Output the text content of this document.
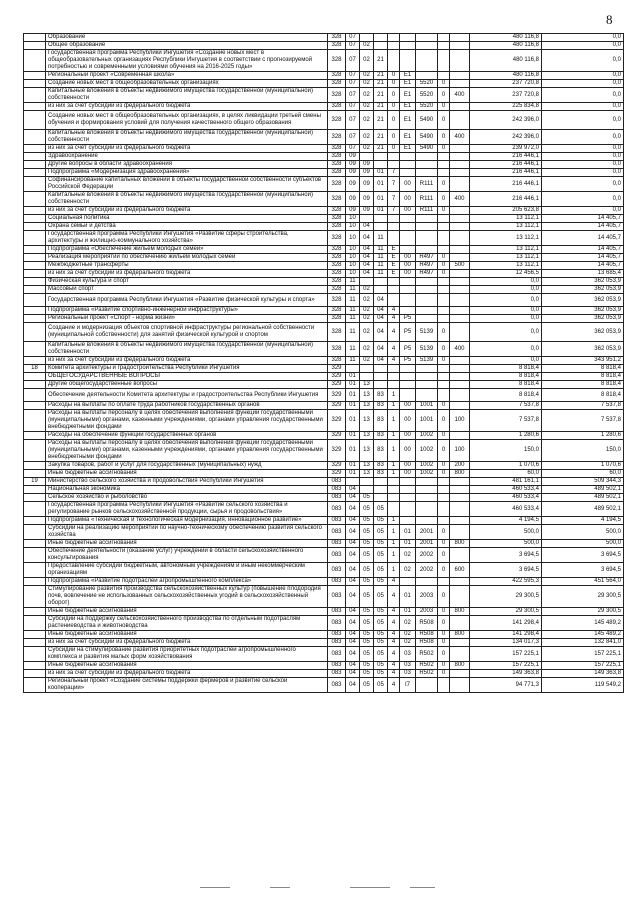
8
	Образование	328	07								480 116,8	0,0
	Общее образование	328	07	02							480 116,8	0,0
	Государственная программа Республики Ингушетия «Создание новых мест в общеобразовательных организациях Республики Ингушетия в соответствии с прогнозируемой потребностью и современными условиями обучения на 2016-2025 годы»	328	07	02	21						480 116,8	0,0
	Региональный проект «Современная школа»	328	07	02	21	0	E1				480 116,8	0,0
	Создание новых мест в общеобразовательных организациях	328	07	02	21	0	E1	5520	0		237 720,8	0,0
	Капитальные вложения в объекты недвижимого имущества государственной (муниципальной) собственности	328	07	02	21	0	E1	5520	0	400	237 720,8	0,0
	из них за счет субсидии из федерального бюджета	328	07	02	21	0	E1	5520	0		225 834,8	0,0
	Создание новых мест в общеобразовательных организациях, в целях ликвидации третьей смены обучения и формирования условий для получения качественного общего образования	328	07	02	21	0	E1	5490	0		242 396,0	0,0
	Капитальные вложения в объекты недвижимого имущества государственной (муниципальной) собственности	328	07	02	21	0	E1	5490	0	400	242 396,0	0,0
	из них за счет субсидии из федерального бюджета	328	07	02	21	0	E1	5490	0		239 972,0	0,0
	Здравоохранение	328	09								216 446,1	0,0
	Другие вопросы в области здравоохранения	328	09	09							216 446,1	0,0
	Подпрограмма «Модернизация здравоохранения»	328	09	09	01	7					216 446,1	0,0
	Софинансирование капитальных вложений в объекты государственной собственности субъектов Российской Федерации	328	09	09	01	7	00	R111	0		216 446,1	0,0
	Капитальные вложения в объекты недвижимого имущества государственной (муниципальной) собственности	328	09	09	01	7	00	R111	0	400	216 446,1	0,0
	из них за счет субсидии из федерального бюджета	328	09	09	01	7	00	R111	0		205 623,8	0,0
	Социальная политика	328	10								13 112,1	14 405,7
	Охрана семьи и детства	328	10	04							13 112,1	14 405,7
	Государственная программа Республики Ингушетия «Развитие сферы строительства, архитектуры и жилищно-коммунального хозяйства»	328	10	04	11						13 112,1	14 405,7
	Подпрограмма «Обеспечение жильем молодых семей»	328	10	04	11	E					13 112,1	14 405,7
	Реализация мероприятий по обеспечению жильем молодых семей	328	10	04	11	E	00	R497	0		13 112,1	14 405,7
	Межбюджетные трансферты	328	10	04	11	E	00	R497	0	500	13 112,1	14 405,7
	из них за счет субсидии из федерального бюджета	328	10	04	11	E	00	R497	0		12 456,5	13 685,4
	Физическая культура и спорт	328	11								0,0	362 053,9
	Массовый спорт	328	11	02							0,0	362 053,9
	Государственная программа Республики Ингушетия «Развитие физической культуры и спорта»	328	11	02	04						0,0	362 053,9
	Подпрограмма «Развитие спортивно-инженерной инфраструктуры»	328	11	02	04	4					0,0	362 053,9
	Региональный проект «Спорт - норма жизни»	328	11	02	04	4	P5				0,0	362 053,9
	Создание и модернизация объектов спортивной инфраструктуры региональной собственности (муниципальной собственности) для занятий физической культурой и спортом	328	11	02	04	4	P5	5139	0		0,0	362 053,9
	Капитальные вложения в объекты недвижимого имущества государственной (муниципальной) собственности	328	11	02	04	4	P5	5139	0	400	0,0	362 053,9
	из них за счет субсидии из федерального бюджета	328	11	02	04	4	P5	5139	0		0,0	343 951,2
18	Комитета архитектуры и градостроительства Республики Ингушетия	329									8 818,4	8 818,4
	ОБЩЕГОСУДАРСТВЕННЫЕ ВОПРОСЫ	329	01								8 818,4	8 818,4
	Другие общегосударственные вопросы	329	01	13							8 818,4	8 818,4
	Обеспечение деятельности Комитета архитектуры и градостроительства Республики Ингушетия	329	01	13	83	1					8 818,4	8 818,4
	Расходы на выплаты по оплате труда работников государственных органов	329	01	13	83	1	00	1001	0		7 537,8	7 537,8
	Расходы на выплаты персоналу в целях обеспечения выполнения функций государственными (муниципальными) органами, казенными учреждениями, органами управления государственными внебюджетными фондами	329	01	13	83	1	00	1001	0	100	7 537,8	7 537,8
	Расходы на обеспечение функций государственных органов	329	01	13	83	1	00	1002	0		1 280,6	1 280,6
	Расходы на выплаты персоналу в целях обеспечения выполнения функций государственными (муниципальными) органами, казенными учреждениями, органами управления государственными внебюджетными фондами	329	01	13	83	1	00	1002	0	100	150,0	150,0
	Закупка товаров, работ и услуг для государственных (муниципальных) нужд	329	01	13	83	1	00	1002	0	200	1 070,6	1 070,6
	Иные бюджетные ассигнования	329	01	13	83	1	00	1002	0	800	60,0	60,0
19	Министерство сельского хозяйства и продовольствия Республики Ингушетия	083									481 161,1	509 344,3
	Национальная экономика	083	04								460 533,4	489 502,1
	Сельское хозяйство и рыболовство	083	04	05							460 533,4	489 502,1
	Государственная программа Республики Ингушетия «Развитие сельского хозяйства и регулирование рынков сельскохозяйственной продукции, сырья и продовольствия»	083	04	05	05						460 533,4	489 502,1
	Подпрограмма «Техническая и технологическая модернизация, инновационное развитие»	083	04	05	05	1					4 194,5	4 194,5
	Субсидии на реализацию мероприятий по научно-техническому обеспечению развития сельского хозяйства	083	04	05	05	1	01	2001	0		500,0	500,0
	Иные бюджетные ассигнования	083	04	05	05	1	01	2001	0	800	500,0	500,0
	Обеспечение деятельности (оказание услуг) учреждений в области сельскохозяйственного консультирования	083	04	05	05	1	02	2002	0		3 694,5	3 694,5
	Предоставление субсидий бюджетным, автономным учреждениям и иным некоммерческим организациям	083	04	05	05	1	02	2002	0	600	3 694,5	3 694,5
	Подпрограмма «Развитие подотраслей агропромышленного комплекса»	083	04	05	05	4					422 595,3	451 564,0
	Стимулирование развития производства сельскохозяйственных культур (повышение плодородия почв, вовлечение не использованных сельскохозяйственных угодий в сельскохозяйственный оборот)	083	04	05	05	4	01	2003	0		29 300,5	29 300,5
	Иные бюджетные ассигнования	083	04	05	05	4	01	2003	0	800	29 300,5	29 300,5
	Субсидии на поддержку сельскохозяйственного производства по отдельным подотраслям растениеводства и животноводства	083	04	05	05	4	02	R508	0		141 298,4	145 489,2
	Иные бюджетные ассигнования	083	04	05	05	4	02	R508	0	800	141 298,4	145 489,2
	из них за счет субсидии из федерального бюджета	083	04	05	05	4	02	R508	0		134 017,3	132 841,0
	Субсидии на стимулирование развития приоритетных подотраслей агропромышленного комплекса и развития малых форм хозяйствования	083	04	05	05	4	03	R502	0		157 225,1	157 225,1
	Иные бюджетные ассигнования	083	04	05	05	4	03	R502	0	800	157 225,1	157 225,1
	из них за счет субсидии из федерального бюджета	083	04	05	05	4	03	R502	0		149 363,8	149 363,8
	Региональный проект «Создание системы поддержки фермеров и развитие сельской кооперации»	083	04	05	05	4	I7				94 771,3	119 549,2
